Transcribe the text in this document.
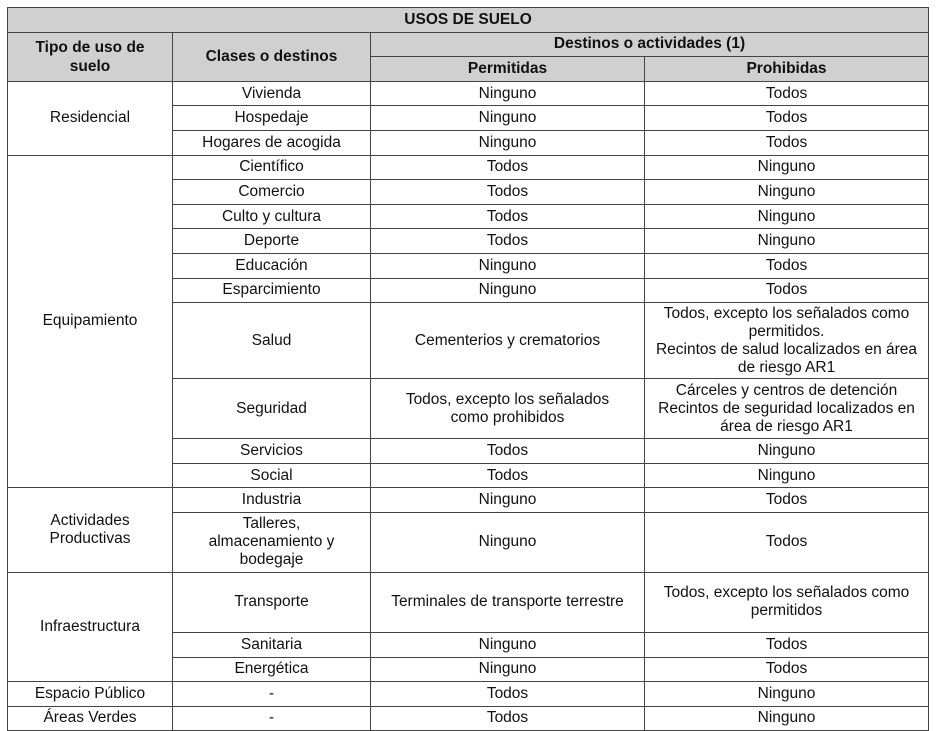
USOS DE SUELO			
Tipo de uso de suelo	Clases o destinos	Destinos o actividades (1)	
		Permitidas	Prohibidas
Residencial	Vivienda	Ninguno	Todos
	Hospedaje	Ninguno	Todos
	Hogares de acogida	Ninguno	Todos
Equipamiento	Científico	Todos	Ninguno
	Comercio	Todos	Ninguno
	Culto y cultura	Todos	Ninguno
	Deporte	Todos	Ninguno
	Educación	Ninguno	Todos
	Esparcimiento	Ninguno	Todos
	Salud	Cementerios y crematorios	Todos, excepto los señalados como permitidos.
Recintos de salud localizados en área de riesgo AR1
	Seguridad	Todos, excepto los señalados como prohibidos	Cárceles y centros de detención
Recintos de seguridad localizados en área de riesgo AR1
	Servicios	Todos	Ninguno
	Social	Todos	Ninguno
Actividades Productivas	Industria	Ninguno	Todos
	Talleres, almacenamiento y bodegaje	Ninguno	Todos
Infraestructura	Transporte	Terminales de transporte terrestre	Todos, excepto los señalados como permitidos
	Sanitaria	Ninguno	Todos
	Energética	Ninguno	Todos
Espacio Público	-	Todos	Ninguno
Áreas Verdes	-	Todos	Ninguno
